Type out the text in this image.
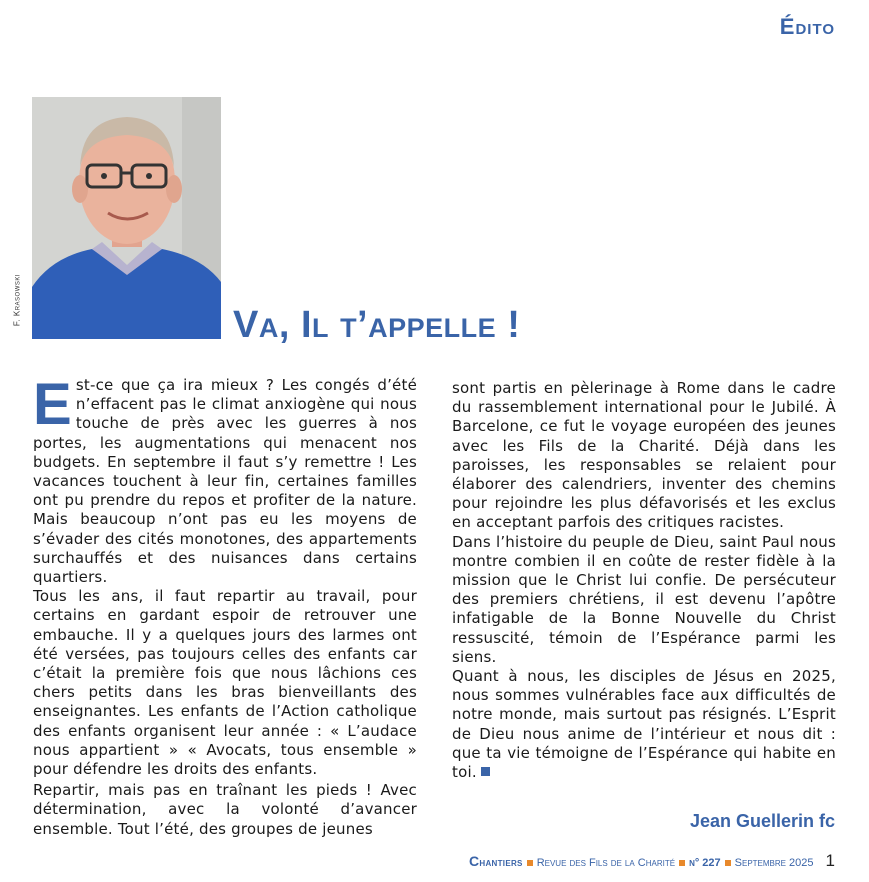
Édito
F. Krasowski	Va, Il t’appelle !

Est-ce que ça ira mieux ? Les congés d’été n’effacent pas le climat anxiogène qui nous touche de près avec les guerres à nos portes, les augmentations qui menacent nos budgets. En septembre il faut s’y remettre ! Les vacances touchent à leur fin, certaines familles ont pu prendre du repos et profiter de la nature. Mais beaucoup n’ont pas eu les moyens de s’évader des cités monotones, des appartements surchauffés et des nuisances dans certains quartiers.

Tous les ans, il faut repartir au travail, pour certains en gardant espoir de retrouver une embauche. Il y a quelques jours des larmes ont été versées, pas toujours celles des enfants car c’était la première fois que nous lâchions ces chers petits dans les bras bienveillants des enseignantes. Les enfants de l’Action catholique des enfants organisent leur année : « L’audace nous appartient » « Avocats, tous ensemble » pour défendre les droits des enfants.

Repartir, mais pas en traînant les pieds ! Avec détermination, avec la volonté d’avancer ensemble. Tout l’été, des groupes de jeunes

sont partis en pèlerinage à Rome dans le cadre du rassemblement international pour le Jubilé. À Barcelone, ce fut le voyage européen des jeunes avec les Fils de la Charité. Déjà dans les paroisses, les responsables se relaient pour élaborer des calendriers, inventer des chemins pour rejoindre les plus défavorisés et les exclus en acceptant parfois des critiques racistes.

Dans l’histoire du peuple de Dieu, saint Paul nous montre combien il en coûte de rester fidèle à la mission que le Christ lui confie. De persécuteur des premiers chrétiens, il est devenu l’apôtre infatigable de la Bonne Nouvelle du Christ ressuscité, témoin de l’Espérance parmi les siens.

Quant à nous, les disciples de Jésus en 2025, nous sommes vulnérables face aux difficultés de notre monde, mais surtout pas résignés. L’Esprit de Dieu nous anime de l’intérieur et nous dit : que ta vie témoigne de l’Espérance qui habite en toi.

Jean Guellerin fc
Chantiers Revue des Fils de la Charité n° 227 Septembre 2025 1
